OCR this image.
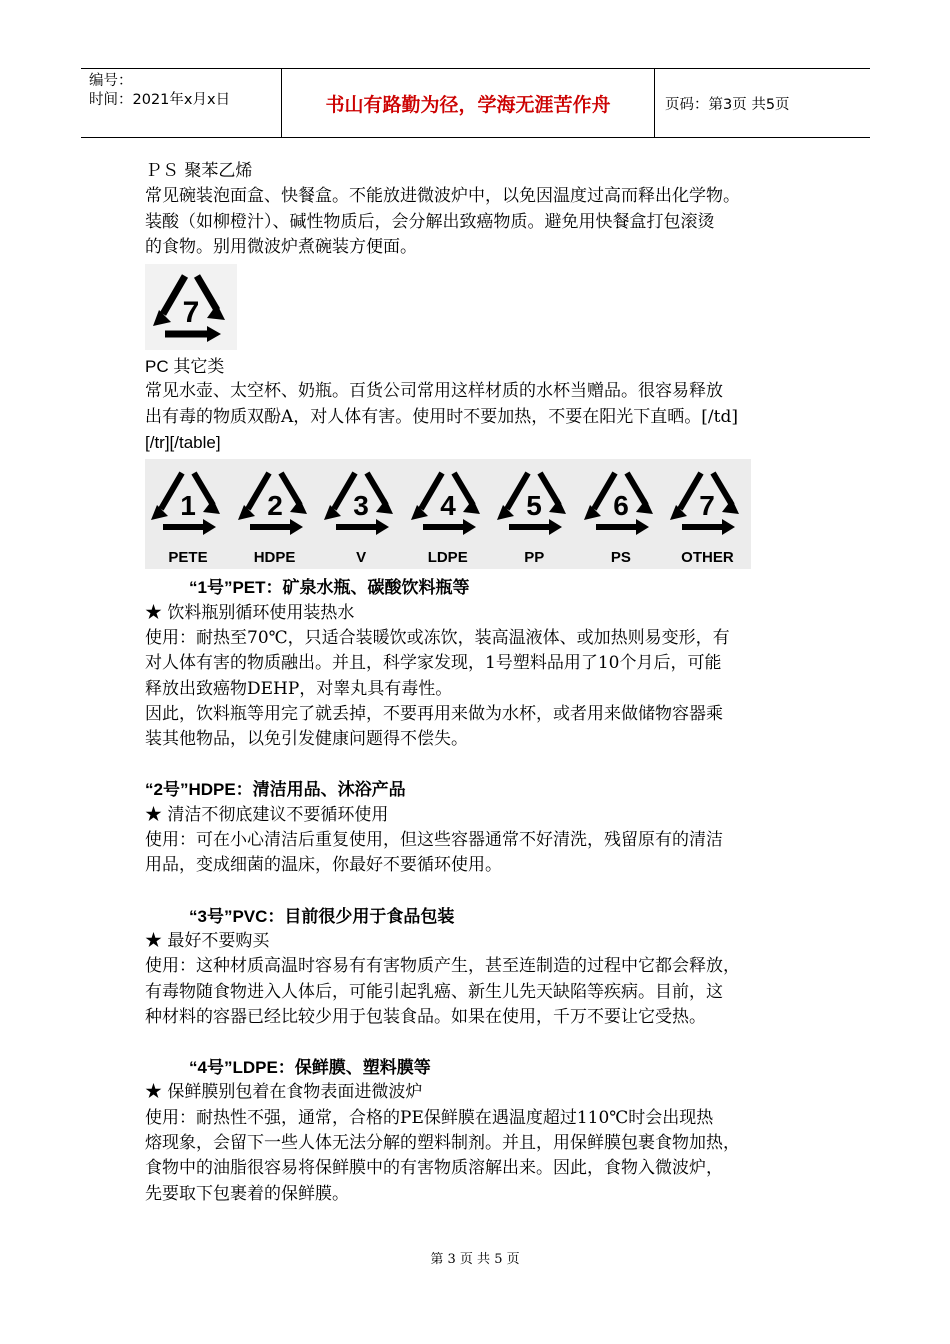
编号：
时间：2021年x月x日	书山有路勤为径，学海无涯苦作舟	页码：第3页 共5页

ＰＳ 聚苯乙烯

常见碗装泡面盒、快餐盒。不能放进微波炉中，以免因温度过高而释出化学物。

装酸（如柳橙汁）、碱性物质后，会分解出致癌物质。避免用快餐盒打包滚烫

的食物。别用微波炉煮碗装方便面。

7

PC 其它类

常见水壶、太空杯、奶瓶。百货公司常用这样材质的水杯当赠品。很容易释放

出有毒的物质双酚A，对人体有害。使用时不要加热，不要在阳光下直晒。[/td]

[/tr][/table]

1
PETE
2
HDPE
3
V
4
LDPE
5
PP
6
PS
7
OTHER

“1号”PET：矿泉水瓶、碳酸饮料瓶等

★ 饮料瓶别循环使用装热水

使用：耐热至70℃，只适合装暖饮或冻饮，装高温液体、或加热则易变形，有

对人体有害的物质融出。并且，科学家发现，1号塑料品用了10个月后，可能

释放出致癌物DEHP，对睾丸具有毒性。

因此，饮料瓶等用完了就丢掉，不要再用来做为水杯，或者用来做储物容器乘

装其他物品，以免引发健康问题得不偿失。

“2号”HDPE：清洁用品、沐浴产品

★ 清洁不彻底建议不要循环使用

使用：可在小心清洁后重复使用，但这些容器通常不好清洗，残留原有的清洁

用品，变成细菌的温床，你最好不要循环使用。

“3号”PVC：目前很少用于食品包装

★ 最好不要购买

使用：这种材质高温时容易有有害物质产生，甚至连制造的过程中它都会释放，

有毒物随食物进入人体后，可能引起乳癌、新生儿先天缺陷等疾病。目前，这

种材料的容器已经比较少用于包装食品。如果在使用，千万不要让它受热。

“4号”LDPE：保鲜膜、塑料膜等

★ 保鲜膜别包着在食物表面进微波炉

使用：耐热性不强，通常，合格的PE保鲜膜在遇温度超过110℃时会出现热

熔现象，会留下一些人体无法分解的塑料制剂。并且，用保鲜膜包裹食物加热，

食物中的油脂很容易将保鲜膜中的有害物质溶解出来。因此，食物入微波炉，

先要取下包裹着的保鲜膜。

第 3 页 共 5 页
